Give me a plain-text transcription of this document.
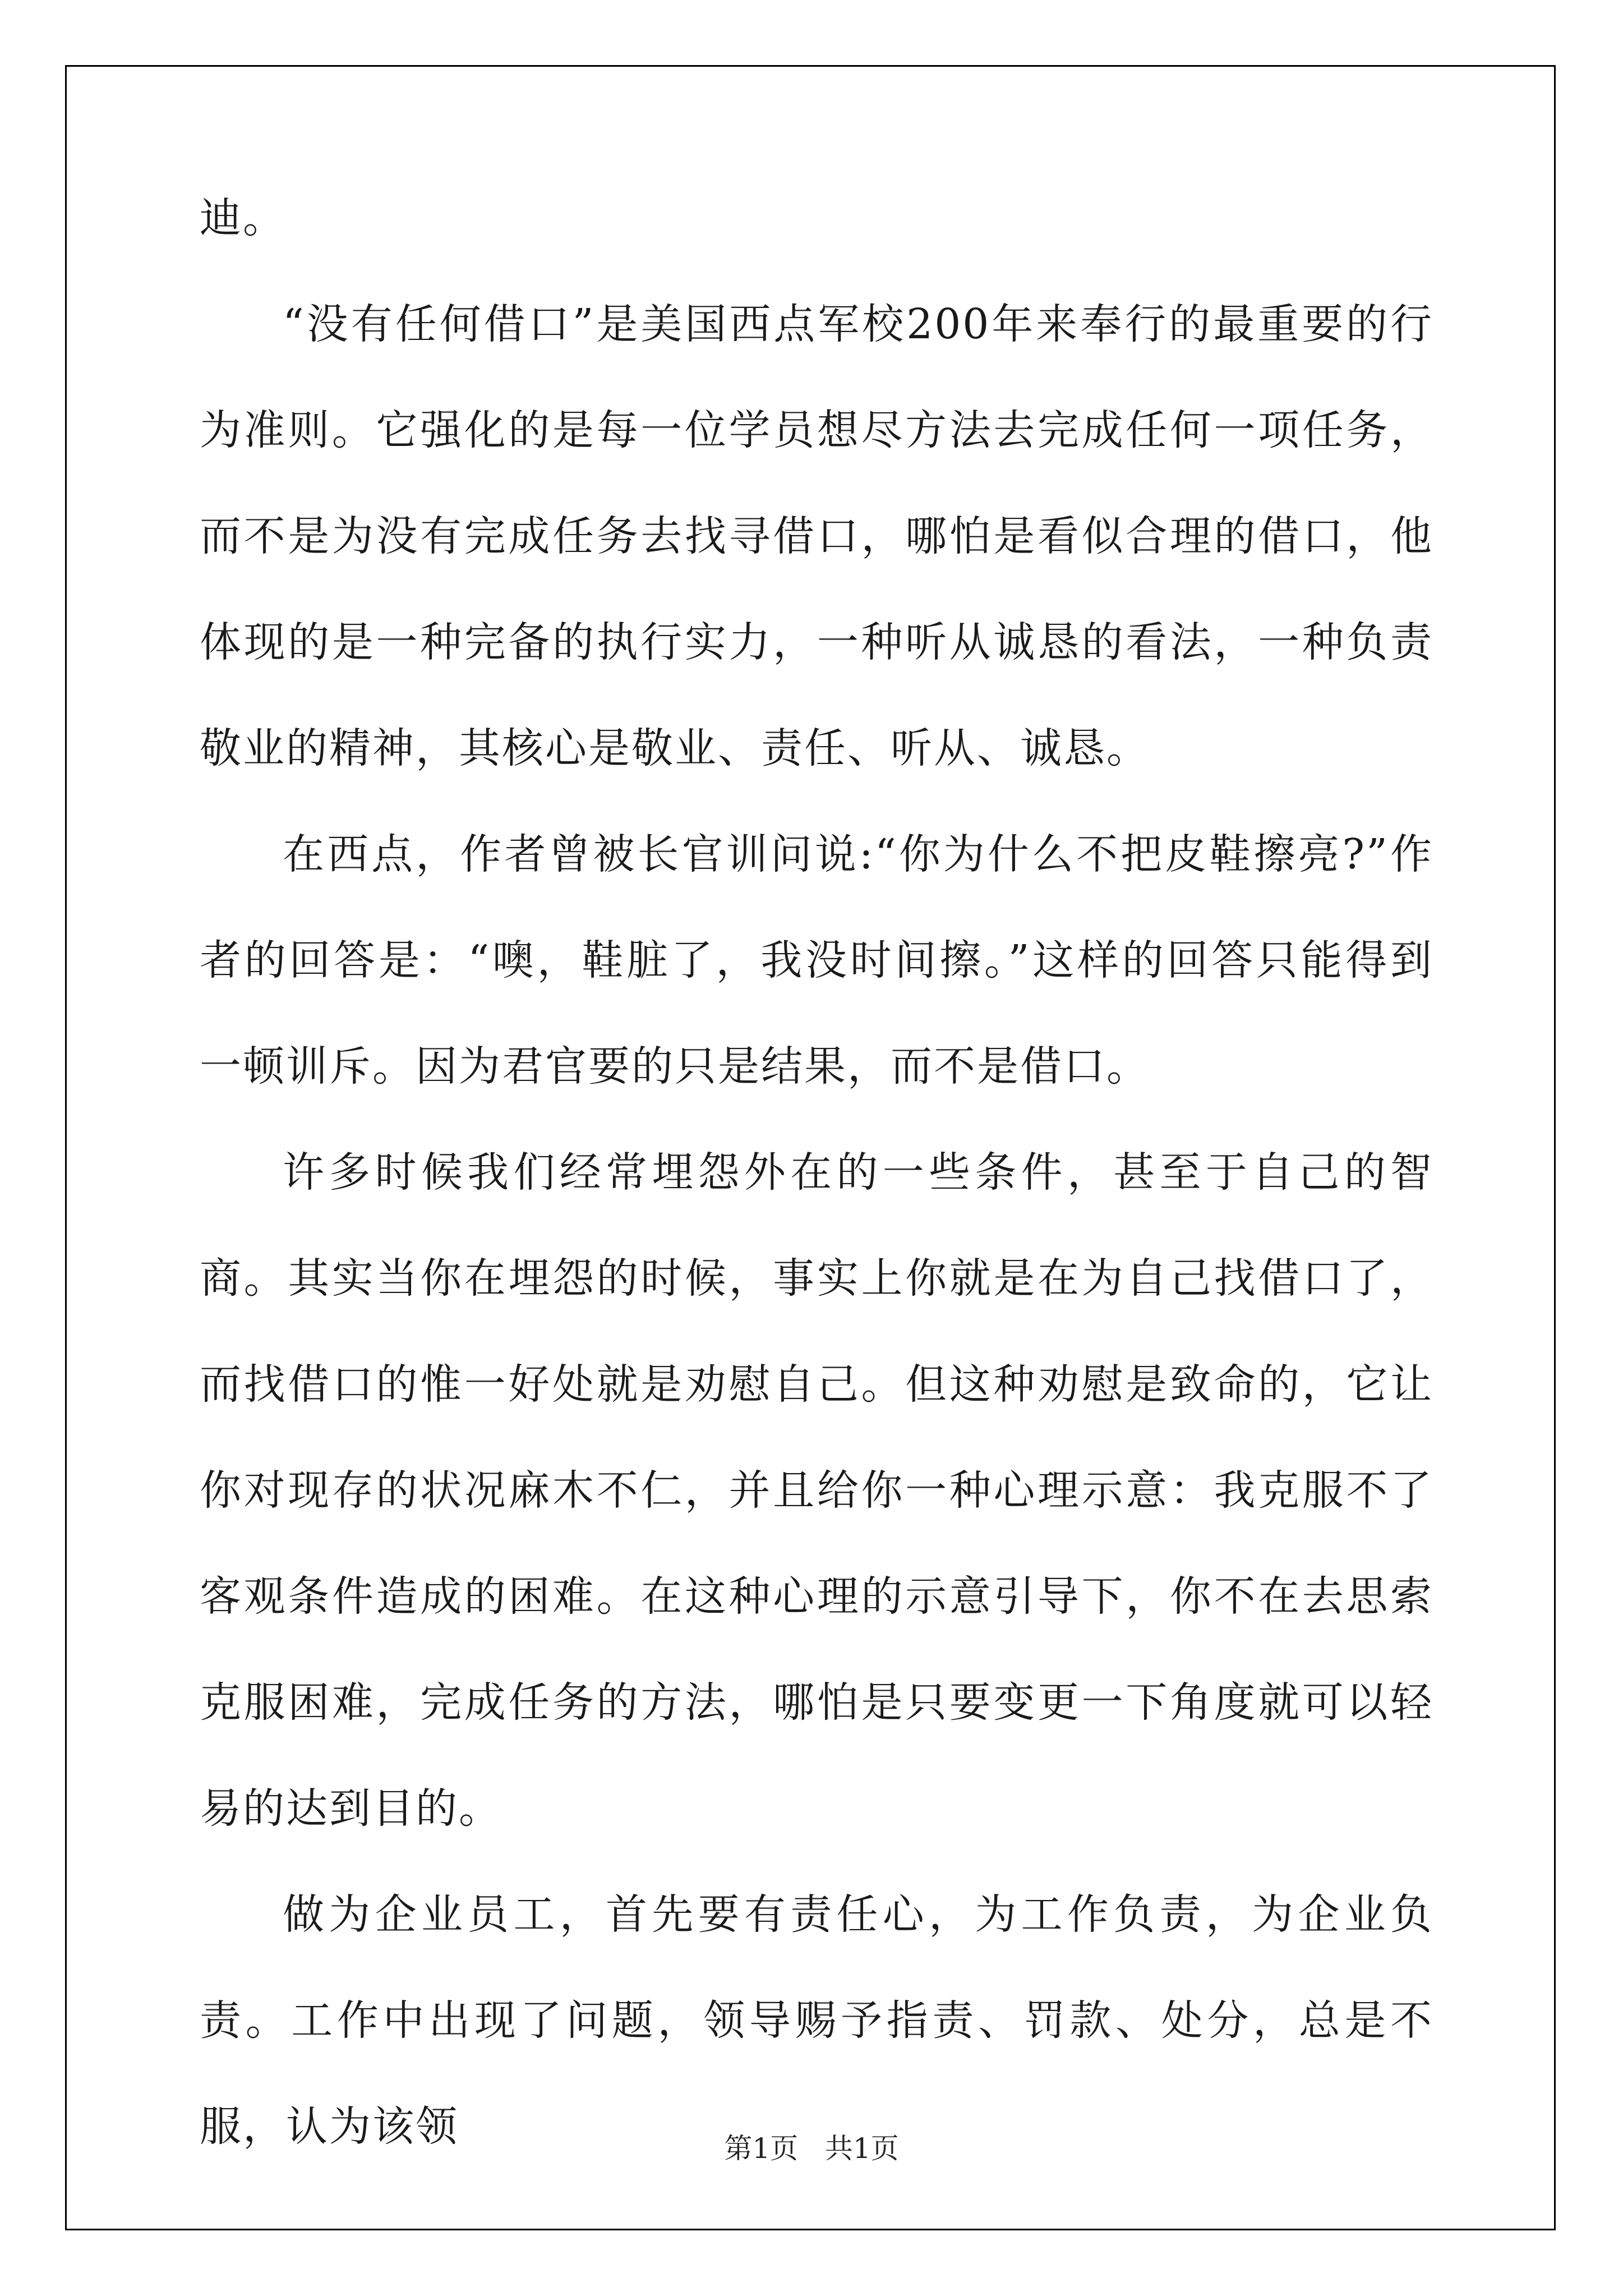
迪。

“没有任何借口”是美国西点军校200年来奉行的最重要的行为准则。它强化的是每一位学员想尽方法去完成任何一项任务，而不是为没有完成任务去找寻借口，哪怕是看似合理的借口，他体现的是一种完备的执行实力，一种听从诚恳的看法，一种负责敬业的精神，其核心是敬业、责任、听从、诚恳。

在西点，作者曾被长官训问说:“你为什么不把皮鞋擦亮?”作者的回答是：“噢，鞋脏了，我没时间擦。”这样的回答只能得到一顿训斥。因为君官要的只是结果，而不是借口。

许多时候我们经常埋怨外在的一些条件，甚至于自己的智商。其实当你在埋怨的时候，事实上你就是在为自己找借口了，而找借口的惟一好处就是劝慰自己。但这种劝慰是致命的，它让你对现存的状况麻木不仁，并且给你一种心理示意：我克服不了客观条件造成的困难。在这种心理的示意引导下，你不在去思索克服困难，完成任务的方法，哪怕是只要变更一下角度就可以轻易的达到目的。

做为企业员工，首先要有责任心，为工作负责，为企业负责。工作中出现了问题，领导赐予指责、罚款、处分，总是不服，认为该领	第1页   共1页
